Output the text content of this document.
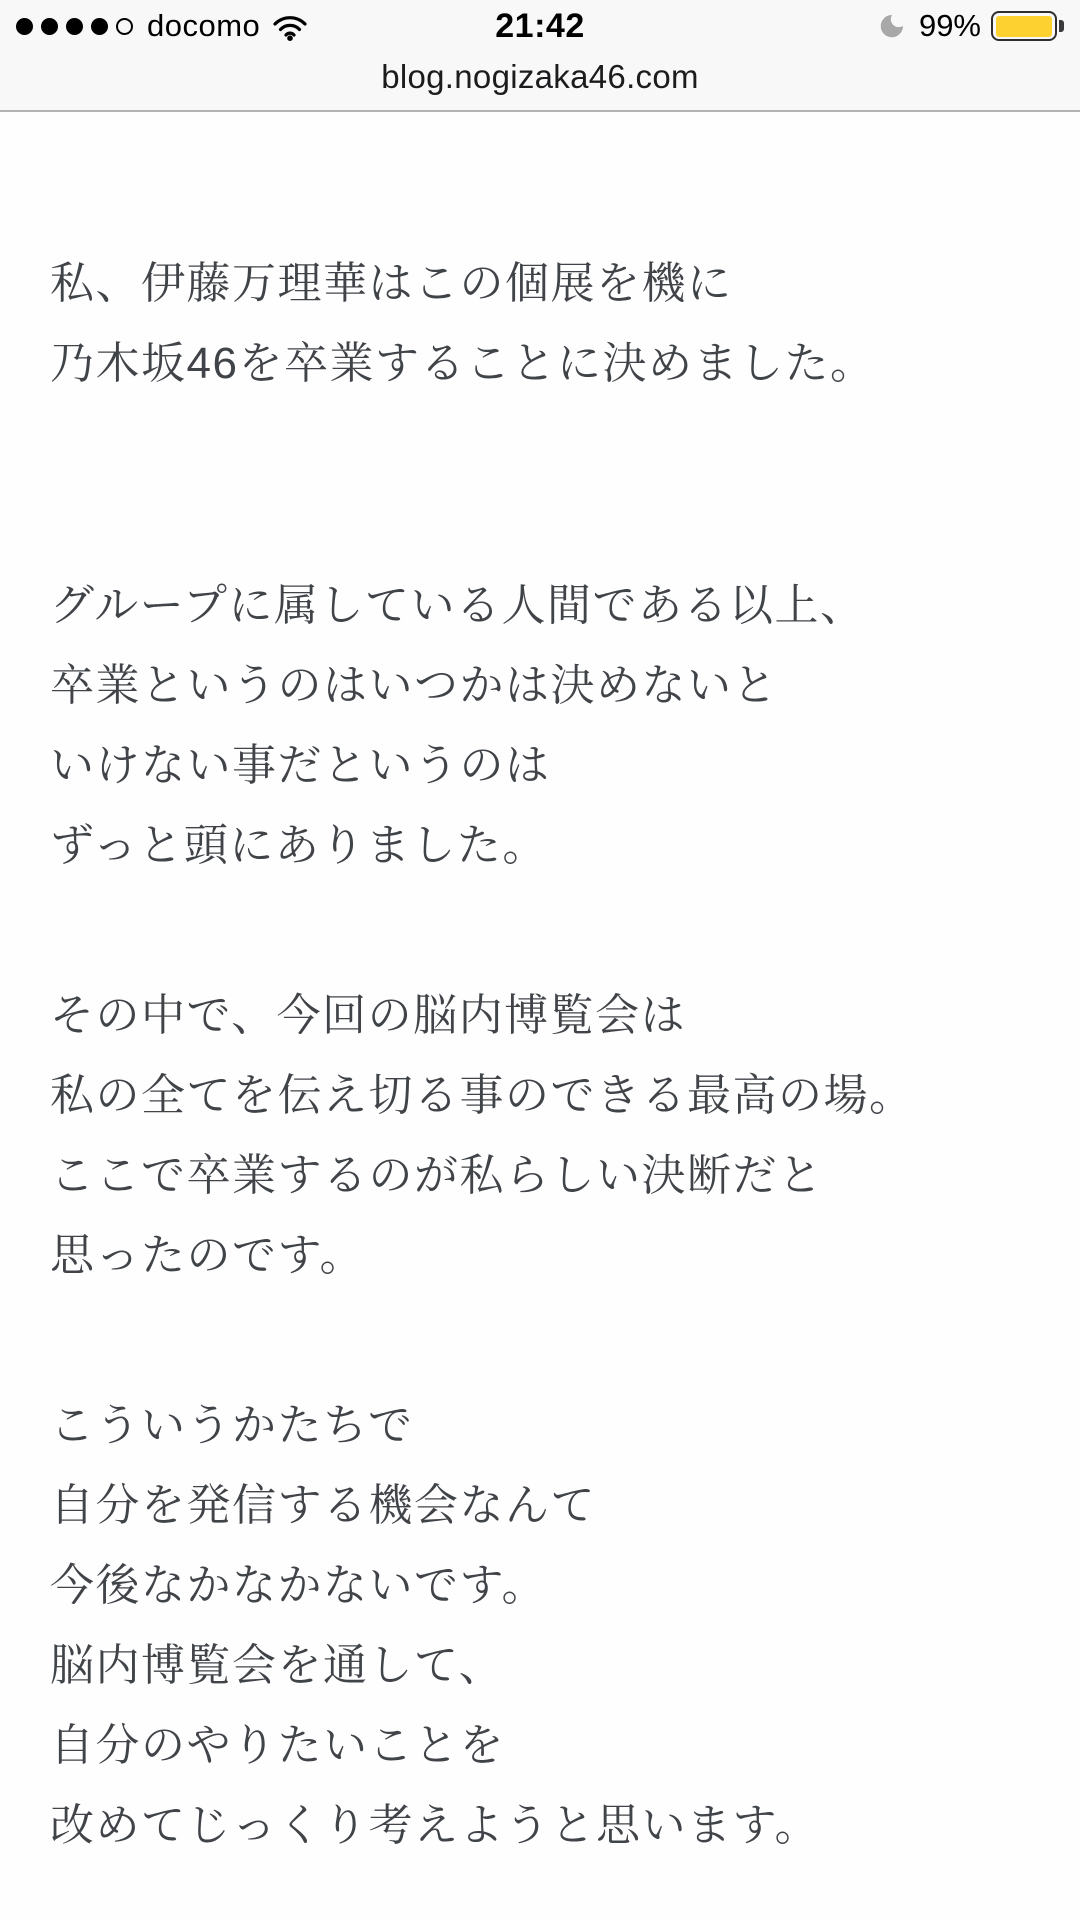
docomo	21:42	99%
blog.nogizaka46.com

私、伊藤万理華はこの個展を機に
乃木坂46を卒業することに決めました。

グループに属している人間である以上、
卒業というのはいつかは決めないと
いけない事だというのは
ずっと頭にありました。

その中で、今回の脳内博覧会は
私の全てを伝え切る事のできる最高の場。
ここで卒業するのが私らしい決断だと
思ったのです。

こういうかたちで
自分を発信する機会なんて
今後なかなかないです。
脳内博覧会を通して、
自分のやりたいことを
改めてじっくり考えようと思います。
